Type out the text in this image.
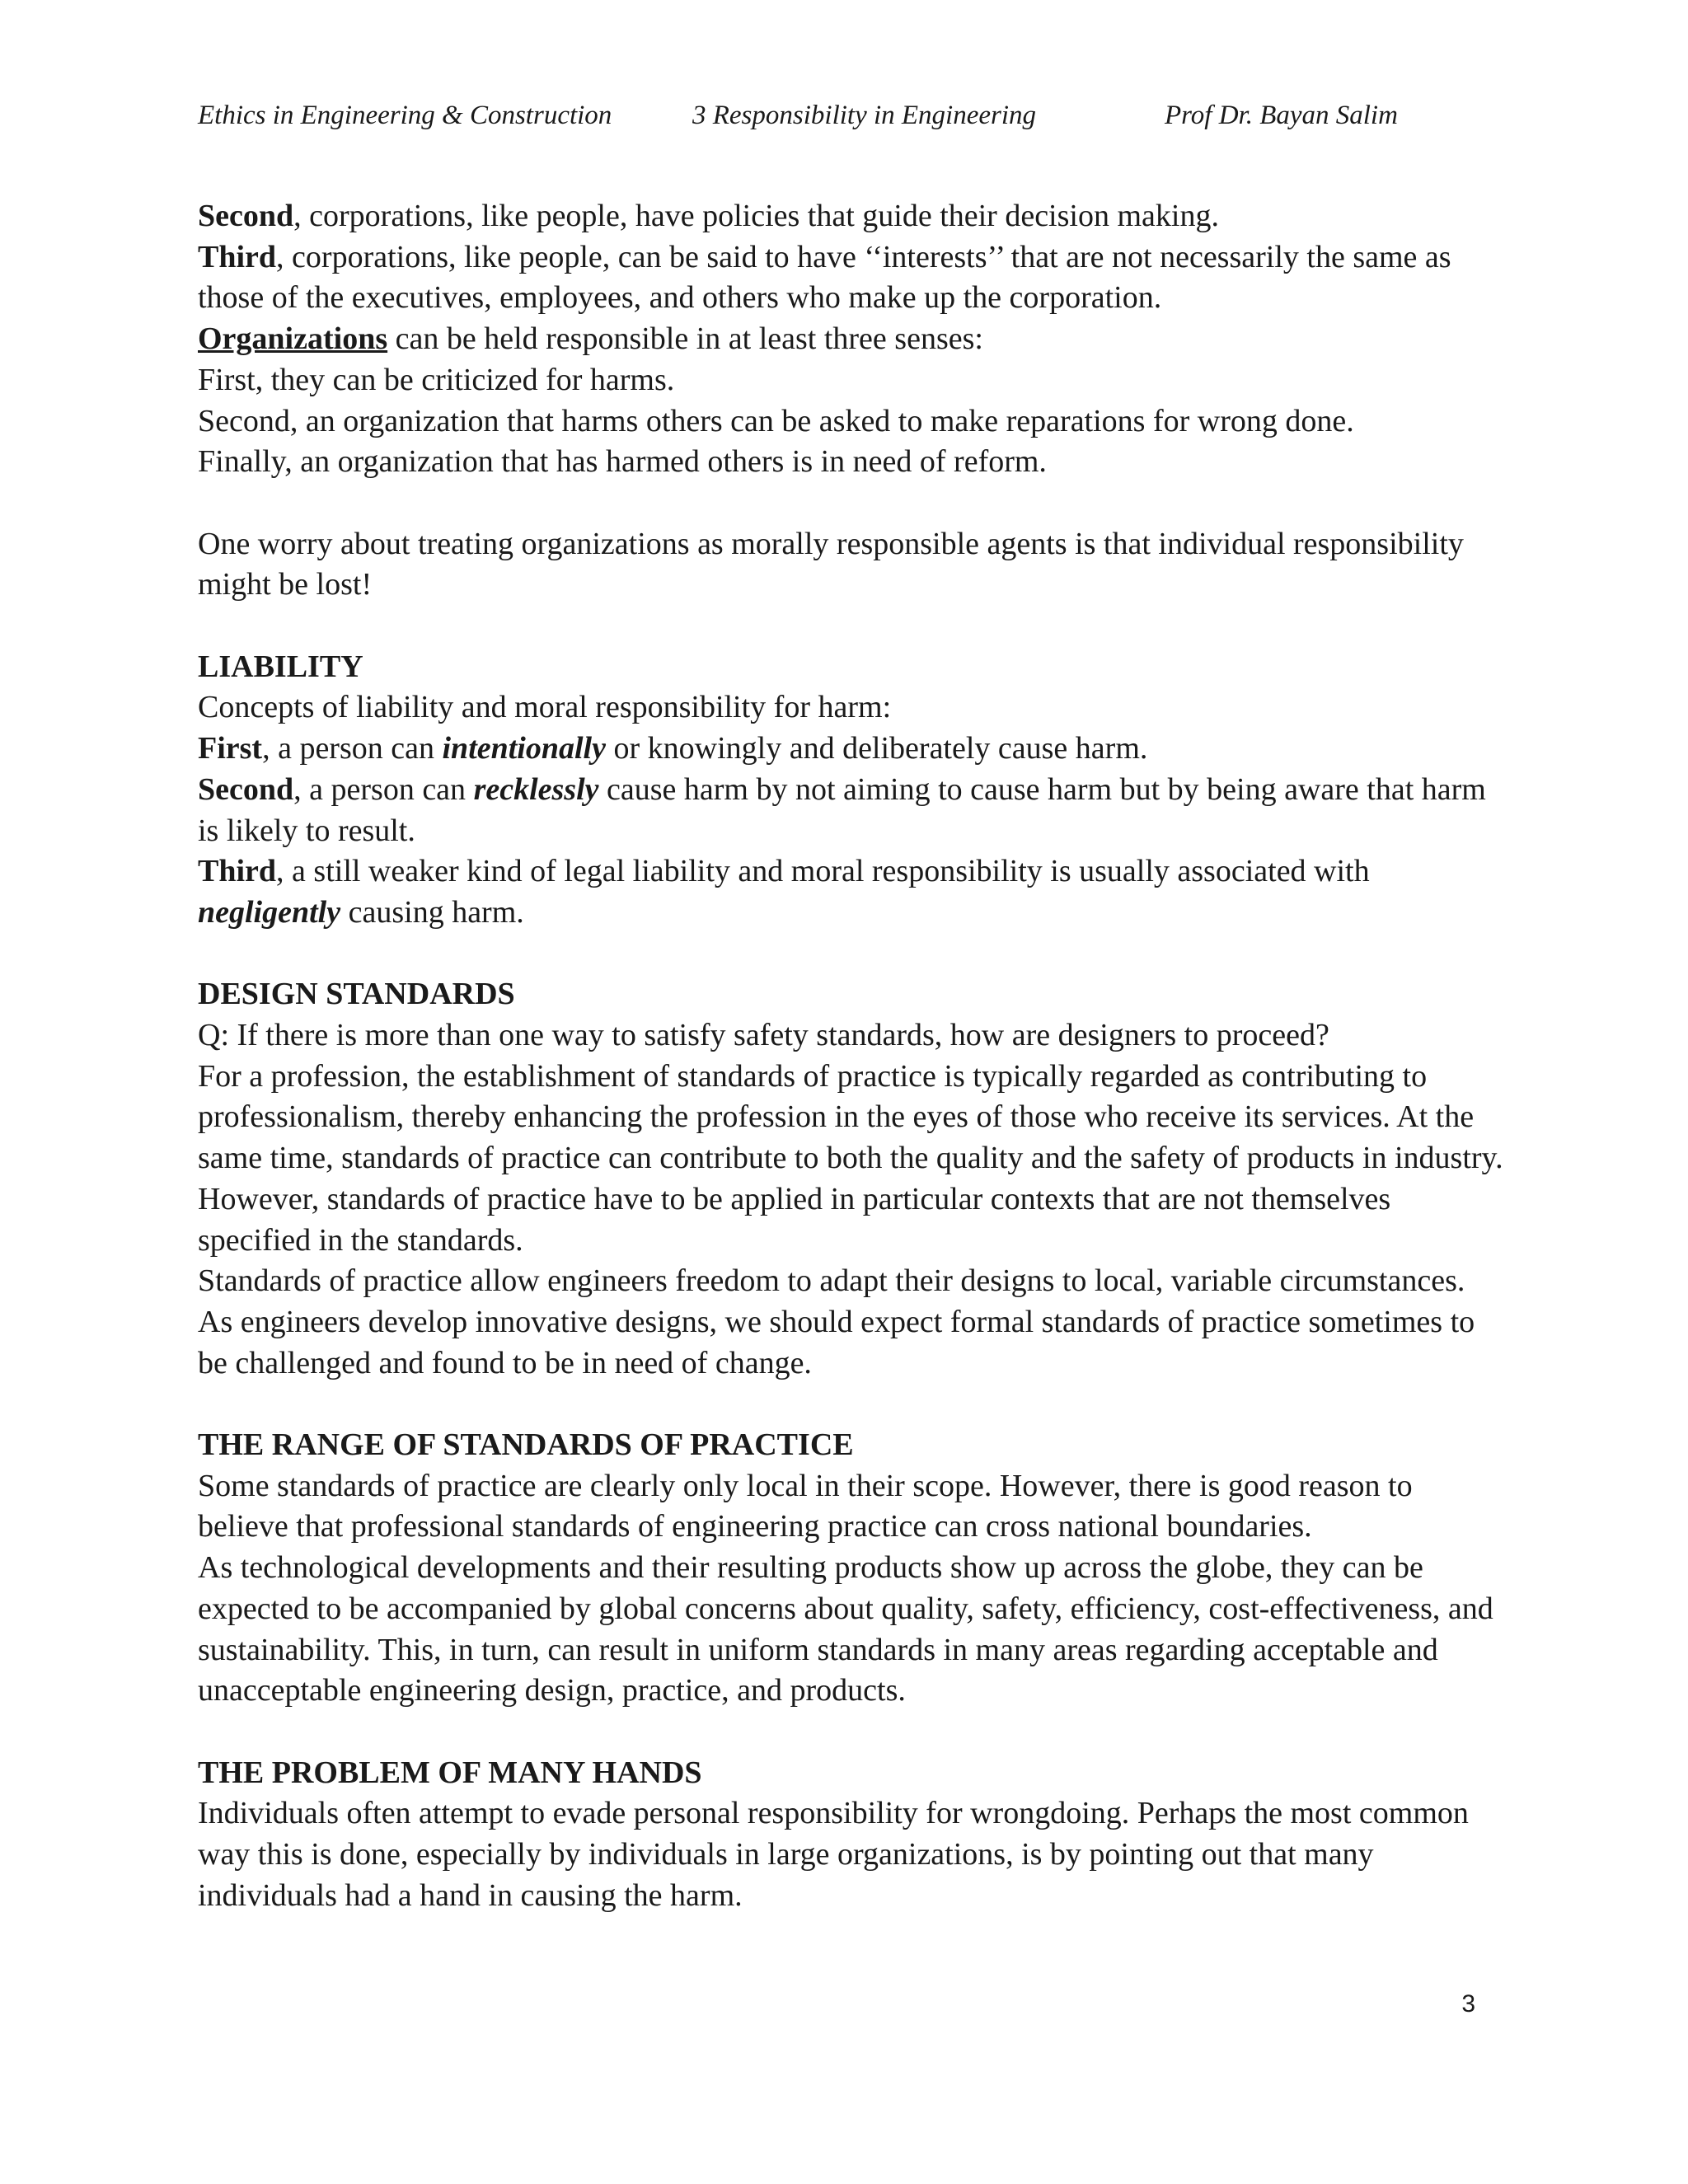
Ethics in Engineering & Construction	3 Responsibility in Engineering	Prof Dr. Bayan Salim

Second, corporations, like people, have policies that guide their decision making.

Third, corporations, like people, can be said to have ‘‘interests’’ that are not necessarily the same as those of the executives, employees, and others who make up the corporation.

Organizations can be held responsible in at least three senses:

First, they can be criticized for harms.

Second, an organization that harms others can be asked to make reparations for wrong done.

Finally, an organization that has harmed others is in need of reform.

One worry about treating organizations as morally responsible agents is that individual responsibility might be lost!

LIABILITY

Concepts of liability and moral responsibility for harm:

First, a person can intentionally or knowingly and deliberately cause harm.

Second, a person can recklessly cause harm by not aiming to cause harm but by being aware that harm is likely to result.

Third, a still weaker kind of legal liability and moral responsibility is usually associated with negligently causing harm.

DESIGN STANDARDS

Q: If there is more than one way to satisfy safety standards, how are designers to proceed?

For a profession, the establishment of standards of practice is typically regarded as contributing to professionalism, thereby enhancing the profession in the eyes of those who receive its services. At the same time, standards of practice can contribute to both the quality and the safety of products in industry. However, standards of practice have to be applied in particular contexts that are not themselves specified in the standards.

Standards of practice allow engineers freedom to adapt their designs to local, variable circumstances.

As engineers develop innovative designs, we should expect formal standards of practice sometimes to be challenged and found to be in need of change.

THE RANGE OF STANDARDS OF PRACTICE

Some standards of practice are clearly only local in their scope. However, there is good reason to believe that professional standards of engineering practice can cross national boundaries.

As technological developments and their resulting products show up across the globe, they can be expected to be accompanied by global concerns about quality, safety, efficiency, cost-effectiveness, and sustainability. This, in turn, can result in uniform standards in many areas regarding acceptable and unacceptable engineering design, practice, and products.

THE PROBLEM OF MANY HANDS

Individuals often attempt to evade personal responsibility for wrongdoing. Perhaps the most common way this is done, especially by individuals in large organizations, is by pointing out that many individuals had a hand in causing the harm.

3
